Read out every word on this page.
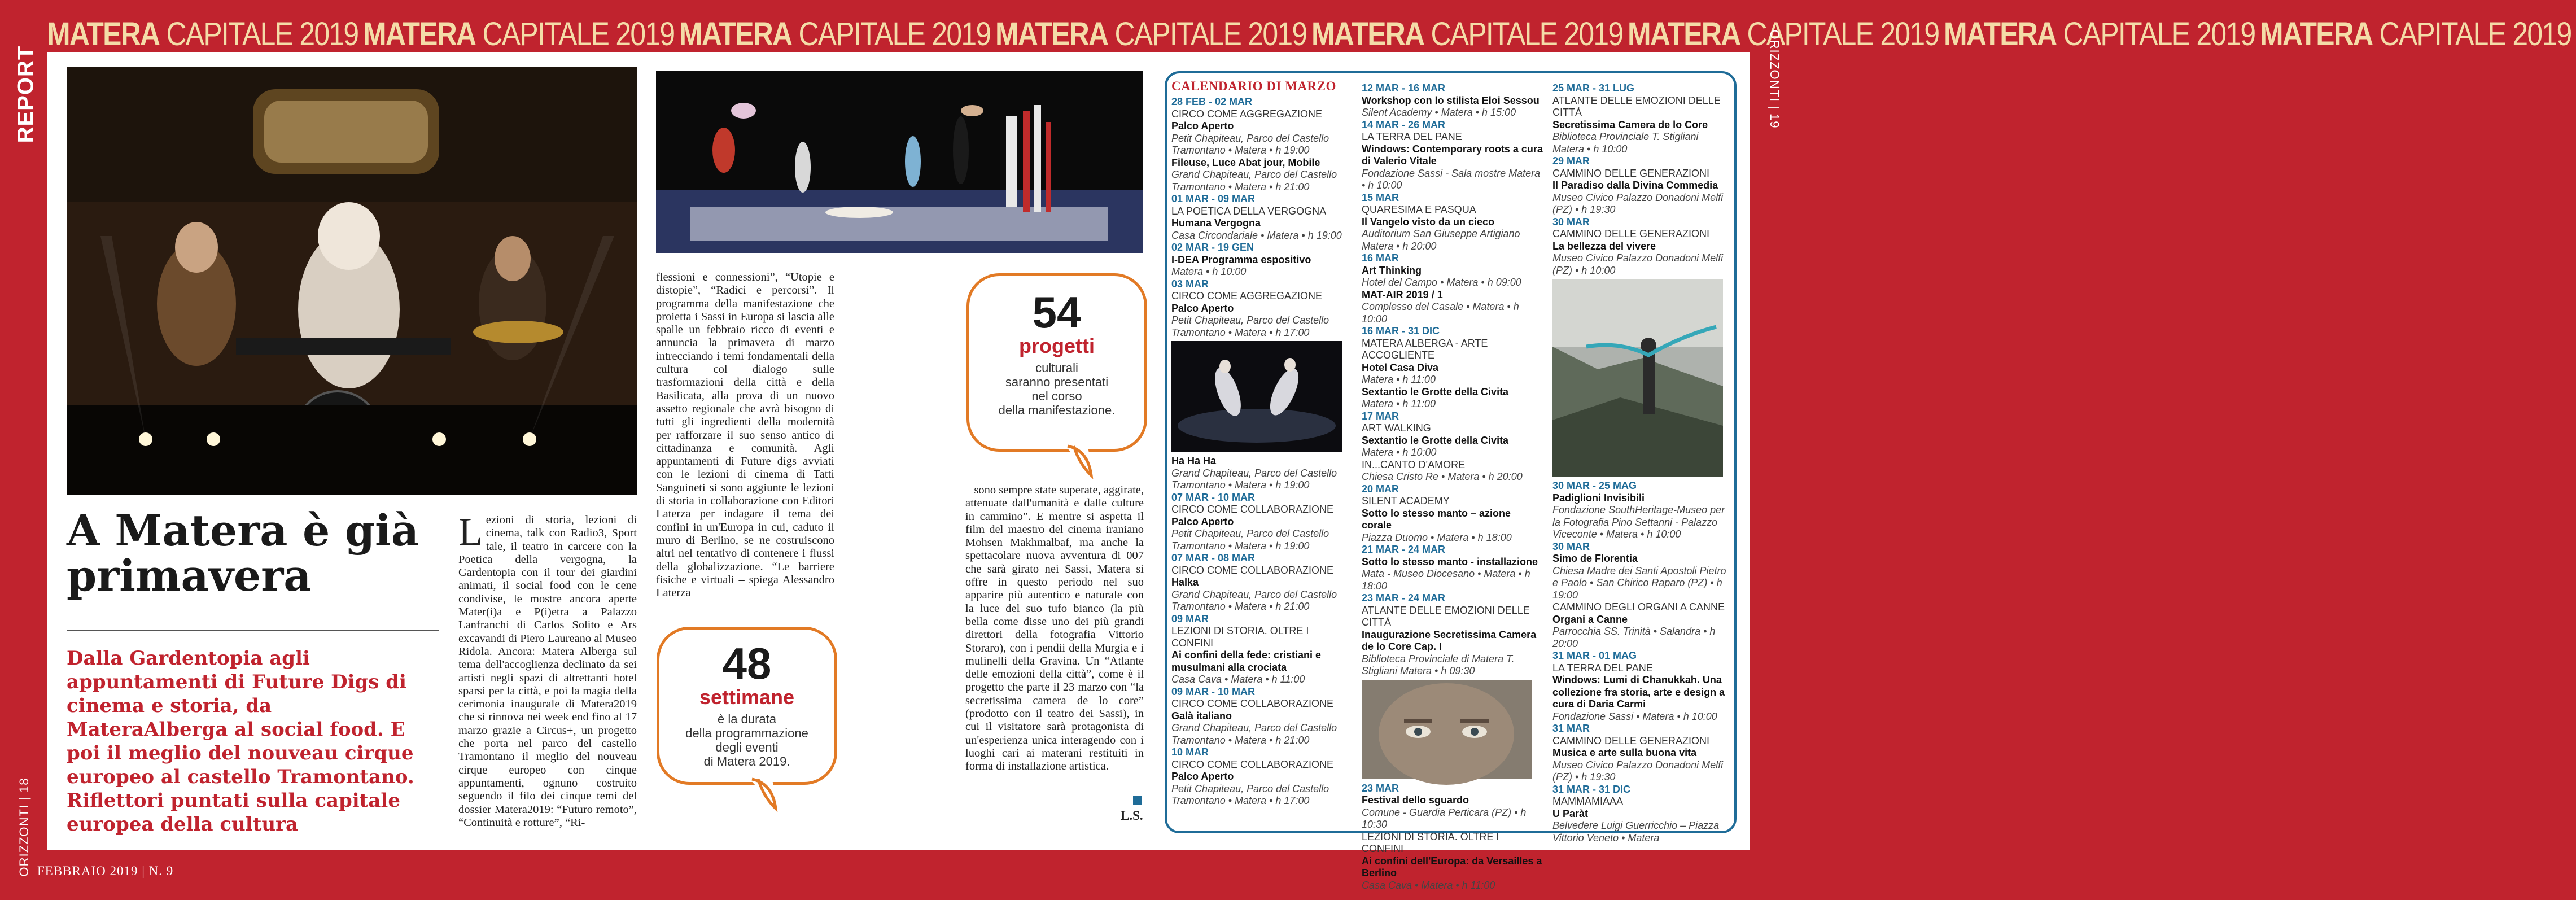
MATERA CAPITALE 2019 MATERA CAPITALE 2019 MATERA CAPITALE 2019 MATERA CAPITALE 2019 MATERA CAPITALE 2019 MATERA CAPITALE 2019 MATERA CAPITALE 2019 MATERA CAPITALE 2019
REPORT
ORIZZONTI | 18
ORIZZONTI | 19
FEBBRAIO 2019 | N. 9
A Matera è già primavera
Dalla Gardentopia agli appuntamenti di Future Digs di cinema e storia, da MateraAlberga al social food. E poi il meglio del nouveau cirque europeo al castello Tramontano. Riflettori puntati sulla capitale europea della cultura
Lezioni di storia, lezioni di cinema, talk con Radio3, Sport tale, il teatro in carcere con la Poetica della vergogna, la Gardentopia con il tour dei giardini animati, il social food con le cene condivise, le mostre ancora aperte Mater(i)a e P(i)etra a Palazzo Lanfranchi di Carlos Solito e Ars excavandi di Piero Laureano al Museo Ridola. Ancora: Matera Alberga sul tema dell'accoglienza declinato da sei artisti negli spazi di altrettanti hotel sparsi per la città, e poi la magia della cerimonia inaugurale di Matera2019 che si rinnova nei week end fino al 17 marzo grazie a Circus+, un progetto che porta nel parco del castello Tramontano il meglio del nouveau cirque europeo con cinque appuntamenti, ognuno costruito seguendo il filo dei cinque temi del dossier Matera2019: “Futuro remoto”, “Continuità e rotture”, “Ri-
flessioni e connessioni”, “Utopie e distopie”, “Radici e percorsi”. Il programma della manifestazione che proietta i Sassi in Europa si lascia alle spalle un febbraio ricco di eventi e annuncia la primavera di marzo intrecciando i temi fondamentali della cultura col dialogo sulle trasformazioni della città e della Basilicata, alla prova di un nuovo assetto regionale che avrà bisogno di tutti gli ingredienti della modernità per rafforzare il suo senso antico di cittadinanza e comunità. Agli appuntamenti di Future digs avviati con le lezioni di cinema di Tatti Sanguineti si sono aggiunte le lezioni di storia in collaborazione con Editori Laterza per indagare il tema dei confini in un'Europa in cui, caduto il muro di Berlino, se ne costruiscono altri nel tentativo di contenere i flussi della globalizzazione. “Le barriere fisiche e virtuali – spiega Alessandro Laterza
– sono sempre state superate, aggirate, attenuate dall'umanità e dalle culture in cammino”. E mentre si aspetta il film del maestro del cinema iraniano Mohsen Makhmalbaf, ma anche la spettacolare nuova avventura di 007 che sarà girato nei Sassi, Matera si offre in questo periodo nel suo apparire più autentico e naturale con la luce del suo tufo bianco (la più bella come disse uno dei più grandi direttori della fotografia Vittorio Storaro), con i pendii della Murgia e i mulinelli della Gravina. Un “Atlante delle emozioni della città”, come è il progetto che parte il 23 marzo con “la secretissima camera de lo core” (prodotto con il teatro dei Sassi), in cui il visitatore sarà protagonista di un'esperienza unica interagendo con i luoghi cari ai materani restituiti in forma di installazione artistica.
48
settimane
è la durata
della programmazione
degli eventi
di Matera 2019.
54
progetti
culturali
saranno presentati
nel corso
della manifestazione.
L.S.
CALENDARIO DI MARZO
28 FEB - 02 MAR
CIRCO COME AGGREGAZIONE
Palco Aperto
Petit Chapiteau, Parco del Castello Tramontano • Matera • h 19:00
Fileuse, Luce Abat jour, Mobile
Grand Chapiteau, Parco del Castello Tramontano • Matera • h 21:00
01 MAR - 09 MAR
LA POETICA DELLA VERGOGNA
Humana Vergogna
Casa Circondariale • Matera • h 19:00
02 MAR - 19 GEN
I-DEA Programma espositivo
Matera • h 10:00
03 MAR
CIRCO COME AGGREGAZIONE
Palco Aperto
Petit Chapiteau, Parco del Castello Tramontano • Matera • h 17:00
Ha Ha Ha
Grand Chapiteau, Parco del Castello Tramontano • Matera • h 19:00
07 MAR - 10 MAR
CIRCO COME COLLABORAZIONE
Palco Aperto
Petit Chapiteau, Parco del Castello Tramontano • Matera • h 19:00
07 MAR - 08 MAR
CIRCO COME COLLABORAZIONE
Halka
Grand Chapiteau, Parco del Castello Tramontano • Matera • h 21:00
09 MAR
LEZIONI DI STORIA. OLTRE I CONFINI
Ai confini della fede: cristiani e musulmani alla crociata
Casa Cava • Matera • h 11:00
09 MAR - 10 MAR
CIRCO COME COLLABORAZIONE
Galà italiano
Grand Chapiteau, Parco del Castello Tramontano • Matera • h 21:00
10 MAR
CIRCO COME COLLABORAZIONE
Palco Aperto
Petit Chapiteau, Parco del Castello Tramontano • Matera • h 17:00
12 MAR - 16 MAR
Workshop con lo stilista Eloi Sessou
Silent Academy • Matera • h 15:00
14 MAR - 26 MAR
LA TERRA DEL PANE
Windows: Contemporary roots a cura di Valerio Vitale
Fondazione Sassi - Sala mostre Matera • h 10:00
15 MAR
QUARESIMA E PASQUA
Il Vangelo visto da un cieco
Auditorium San Giuseppe Artigiano Matera • h 20:00
16 MAR
Art Thinking
Hotel del Campo • Matera • h 09:00
MAT-AIR 2019 / 1
Complesso del Casale • Matera • h 10:00
16 MAR - 31 DIC
MATERA ALBERGA - ARTE ACCOGLIENTE
Hotel Casa Diva
Matera • h 11:00
Sextantio le Grotte della Civita
Matera • h 11:00
17 MAR
ART WALKING
Sextantio le Grotte della Civita
Matera • h 10:00
IN...CANTO D'AMORE
Chiesa Cristo Re • Matera • h 20:00
20 MAR
SILENT ACADEMY
Sotto lo stesso manto – azione corale
Piazza Duomo • Matera • h 18:00
21 MAR - 24 MAR
Sotto lo stesso manto - installazione
Mata - Museo Diocesano • Matera • h 18:00
23 MAR - 24 MAR
ATLANTE DELLE EMOZIONI DELLE CITTÀ
Inaugurazione Secretissima Camera de lo Core Cap. I
Biblioteca Provinciale di Matera T. Stigliani Matera • h 09:30
23 MAR
Festival dello sguardo
Comune - Guardia Perticara (PZ) • h 10:30
LEZIONI DI STORIA. OLTRE I CONFINI
Ai confini dell'Europa: da Versailles a Berlino
Casa Cava • Matera • h 11:00
25 MAR - 31 LUG
ATLANTE DELLE EMOZIONI DELLE CITTÀ
Secretissima Camera de lo Core
Biblioteca Provinciale T. Stigliani Matera • h 10:00
29 MAR
CAMMINO DELLE GENERAZIONI
Il Paradiso dalla Divina Commedia
Museo Civico Palazzo Donadoni Melfi (PZ) • h 19:30
30 MAR
CAMMINO DELLE GENERAZIONI
La bellezza del vivere
Museo Civico Palazzo Donadoni Melfi (PZ) • h 10:00
30 MAR - 25 MAG
Padiglioni Invisibili
Fondazione SouthHeritage-Museo per la Fotografia Pino Settanni - Palazzo Viceconte • Matera • h 10:00
30 MAR
Simo de Florentia
Chiesa Madre dei Santi Apostoli Pietro e Paolo • San Chirico Raparo (PZ) • h 19:00
CAMMINO DEGLI ORGANI A CANNE
Organi a Canne
Parrocchia SS. Trinità • Salandra • h 20:00
31 MAR - 01 MAG
LA TERRA DEL PANE
Windows: Lumi di Chanukkah. Una collezione fra storia, arte e design a cura di Daria Carmi
Fondazione Sassi • Matera • h 10:00
31 MAR
CAMMINO DELLE GENERAZIONI
Musica e arte sulla buona vita
Museo Civico Palazzo Donadoni Melfi (PZ) • h 19:30
31 MAR - 31 DIC
MAMMAMIAAA
U Paràt
Belvedere Luigi Guerricchio – Piazza Vittorio Veneto • Matera
